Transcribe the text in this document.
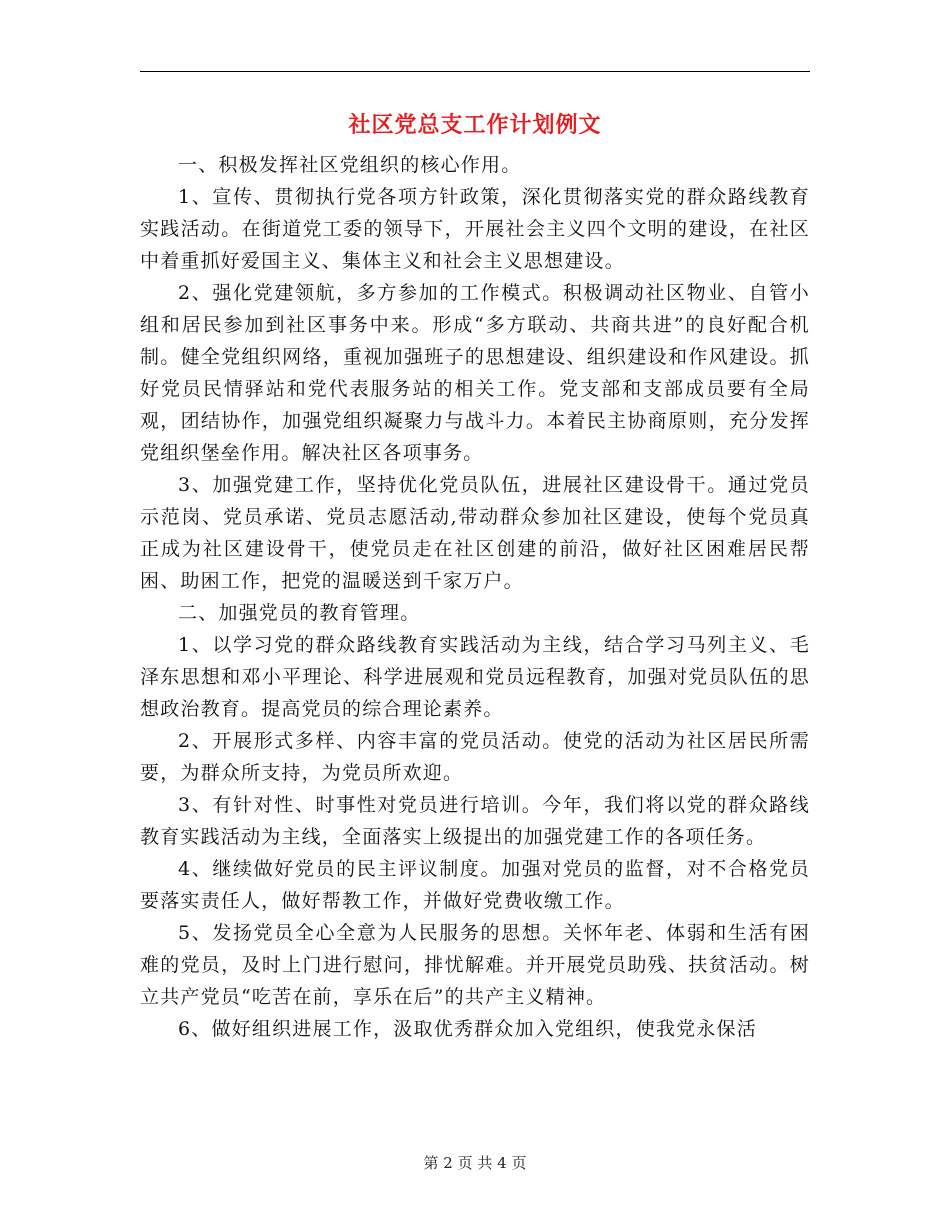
社区党总支工作计划例文

一、积极发挥社区党组织的核心作用。

1、宣传、贯彻执行党各项方针政策，深化贯彻落实党的群众路线教育实践活动。在街道党工委的领导下，开展社会主义四个文明的建设，在社区中着重抓好爱国主义、集体主义和社会主义思想建设。

2、强化党建领航，多方参加的工作模式。积极调动社区物业、自管小组和居民参加到社区事务中来。形成“多方联动、共商共进”的良好配合机制。健全党组织网络，重视加强班子的思想建设、组织建设和作风建设。抓好党员民情驿站和党代表服务站的相关工作。党支部和支部成员要有全局观，团结协作，加强党组织凝聚力与战斗力。本着民主协商原则，充分发挥党组织堡垒作用。解决社区各项事务。

3、加强党建工作，坚持优化党员队伍，进展社区建设骨干。通过党员示范岗、党员承诺、党员志愿活动,带动群众参加社区建设，使每个党员真正成为社区建设骨干，使党员走在社区创建的前沿，做好社区困难居民帮困、助困工作，把党的温暖送到千家万户。

二、加强党员的教育管理。

1、以学习党的群众路线教育实践活动为主线，结合学习马列主义、毛泽东思想和邓小平理论、科学进展观和党员远程教育，加强对党员队伍的思想政治教育。提高党员的综合理论素养。

2、开展形式多样、内容丰富的党员活动。使党的活动为社区居民所需要，为群众所支持，为党员所欢迎。

3、有针对性、时事性对党员进行培训。今年，我们将以党的群众路线教育实践活动为主线，全面落实上级提出的加强党建工作的各项任务。

4、继续做好党员的民主评议制度。加强对党员的监督，对不合格党员要落实责任人，做好帮教工作，并做好党费收缴工作。

5、发扬党员全心全意为人民服务的思想。关怀年老、体弱和生活有困难的党员，及时上门进行慰问，排忧解难。并开展党员助残、扶贫活动。树立共产党员“吃苦在前，享乐在后”的共产主义精神。

6、做好组织进展工作，汲取优秀群众加入党组织，使我党永保活

第 2 页 共 4 页
